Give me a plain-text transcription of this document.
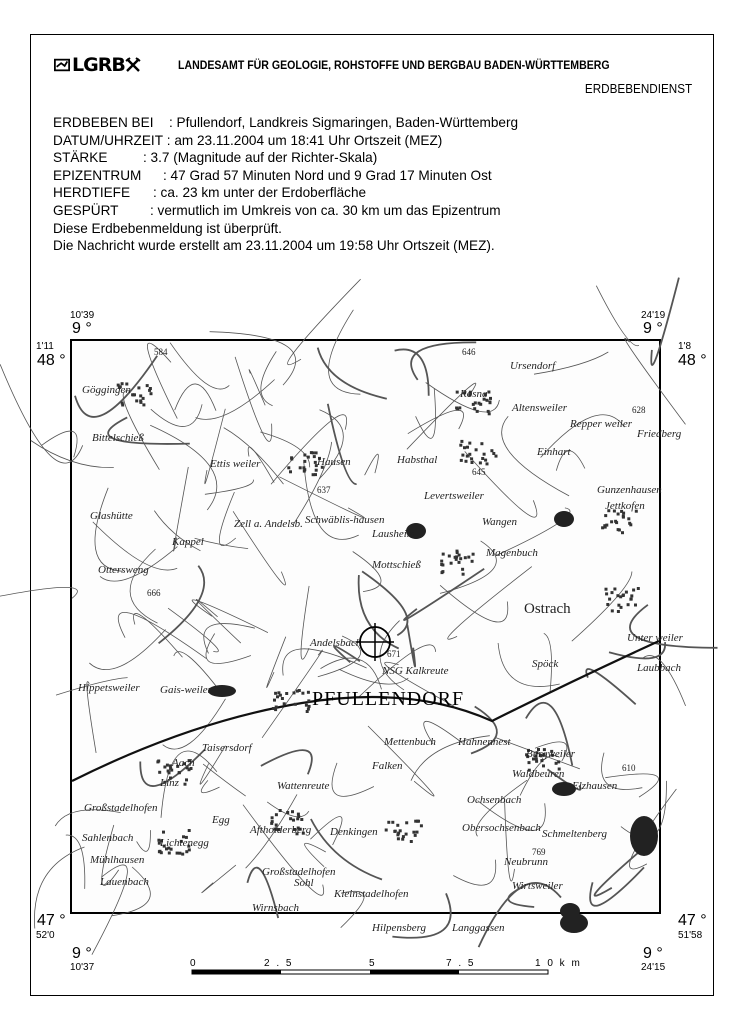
LGRB	LANDESAMT FÜR GEOLOGIE, ROHSTOFFE UND BERGBAU BADEN-WÜRTTEMBERG
ERDBEBENDIENST
ERDBEBEN BEI : Pfullendorf, Landkreis Sigmaringen, Baden-Württemberg
DATUM/UHRZEIT : am 23.11.2004 um 18:41 Uhr Ortszeit (MEZ)
STÄRKE	: 3.7 (Magnitude auf der Richter-Skala)
EPIZENTRUM : 47 Grad 57 Minuten Nord und 9 Grad 17 Minuten Ost
HERDTIEFE : ca. 23 km unter der Erdoberfläche
GESPÜRT : vermutlich im Umkreis von ca. 30 km um das Epizentrum
Diese Erdbebenmeldung ist überprüft.
Die Nachricht wurde erstellt am 23.11.2004 um 19:58 Uhr Ortszeit (MEZ).
10'39
9 °
24'19
9 °
1'11
48 °
1'8
48 °
47 °
52'0
47 °
51'58
9 °
10'37
9 °
24'15
Göggingen
Hausen	Habsthal
Einhart
Ursendorf
Rosna
Altensweiler
Repper weiler
Gunzenhausen
Levertsweiler
Wangen
Jettkofen
Bittelschieß
Ettis weiler
Glashütte
Zell a. Andelsb. Schwäblis-hausen
Lausheim
Magenbuch
Kappel
Ottersweng	Mottschieß
Ostrach
Andelsbach	Unter weiler
Laubbach
Spöck
NSG Kalkreute
Hippetsweiler Gais-weiler	PFULLENDORF
Taisersdorf
Aach
Linz
Großstadelhofen
Mettenbuch Hahnennest
Burgweiler
Waldbeuren
Falken
Wattenreute
Aftholderberg
Ochsenbach
Obersochsenbach
Denkingen	Schmeltenberg
Sahlenbach
Mühlhausen
Lauenbach
Großstadelhofen
Neubrunn
Wirnsbach
Kleinstadelhofen
Langgassen
Wirtsweiler
Hilpensberg
Lichtenegg
Egg
Sohl
Elzhausen
Friedberg
584	646
628
645
637
666
671
610
769
0	2 . 5	5	7 . 5	1 0 k m
